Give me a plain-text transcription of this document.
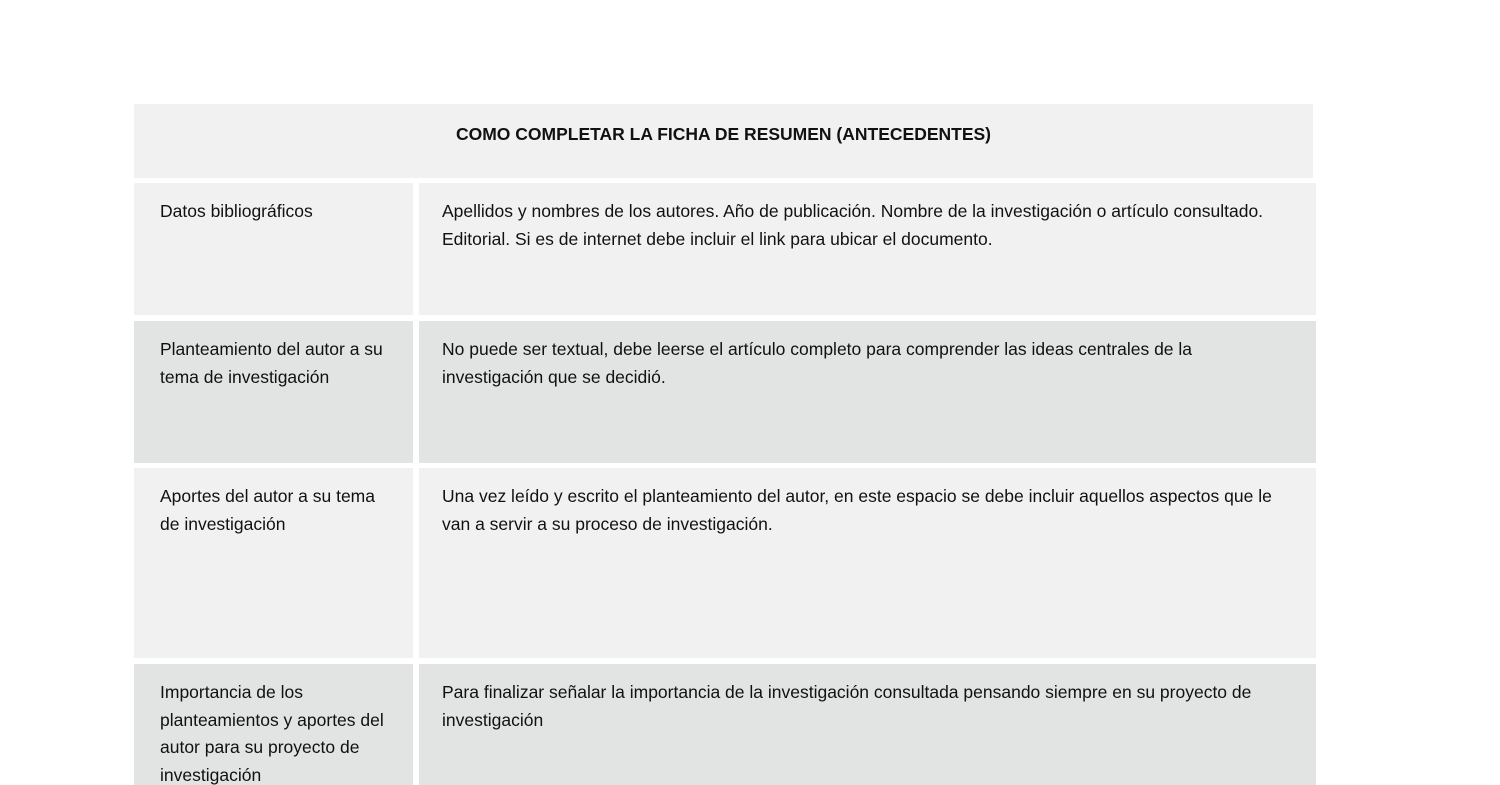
COMO COMPLETAR LA FICHA DE RESUMEN (ANTECEDENTES)
Datos bibliográficos	Apellidos y nombres de los autores. Año de publicación. Nombre de la investigación o artículo consultado. Editorial. Si es de internet debe incluir el link para ubicar el documento.
Planteamiento del autor a su tema de investigación
No puede ser textual, debe leerse el artículo completo para comprender las ideas centrales de la investigación que se decidió.
Aportes del autor a su tema de investigación
Una vez leído y escrito el planteamiento del autor, en este espacio se debe incluir aquellos aspectos que le van a servir a su proceso de investigación.
Importancia de los planteamientos y aportes del autor para su proyecto de investigación
Para finalizar señalar la importancia de la investigación consultada pensando siempre en su proyecto de investigación
